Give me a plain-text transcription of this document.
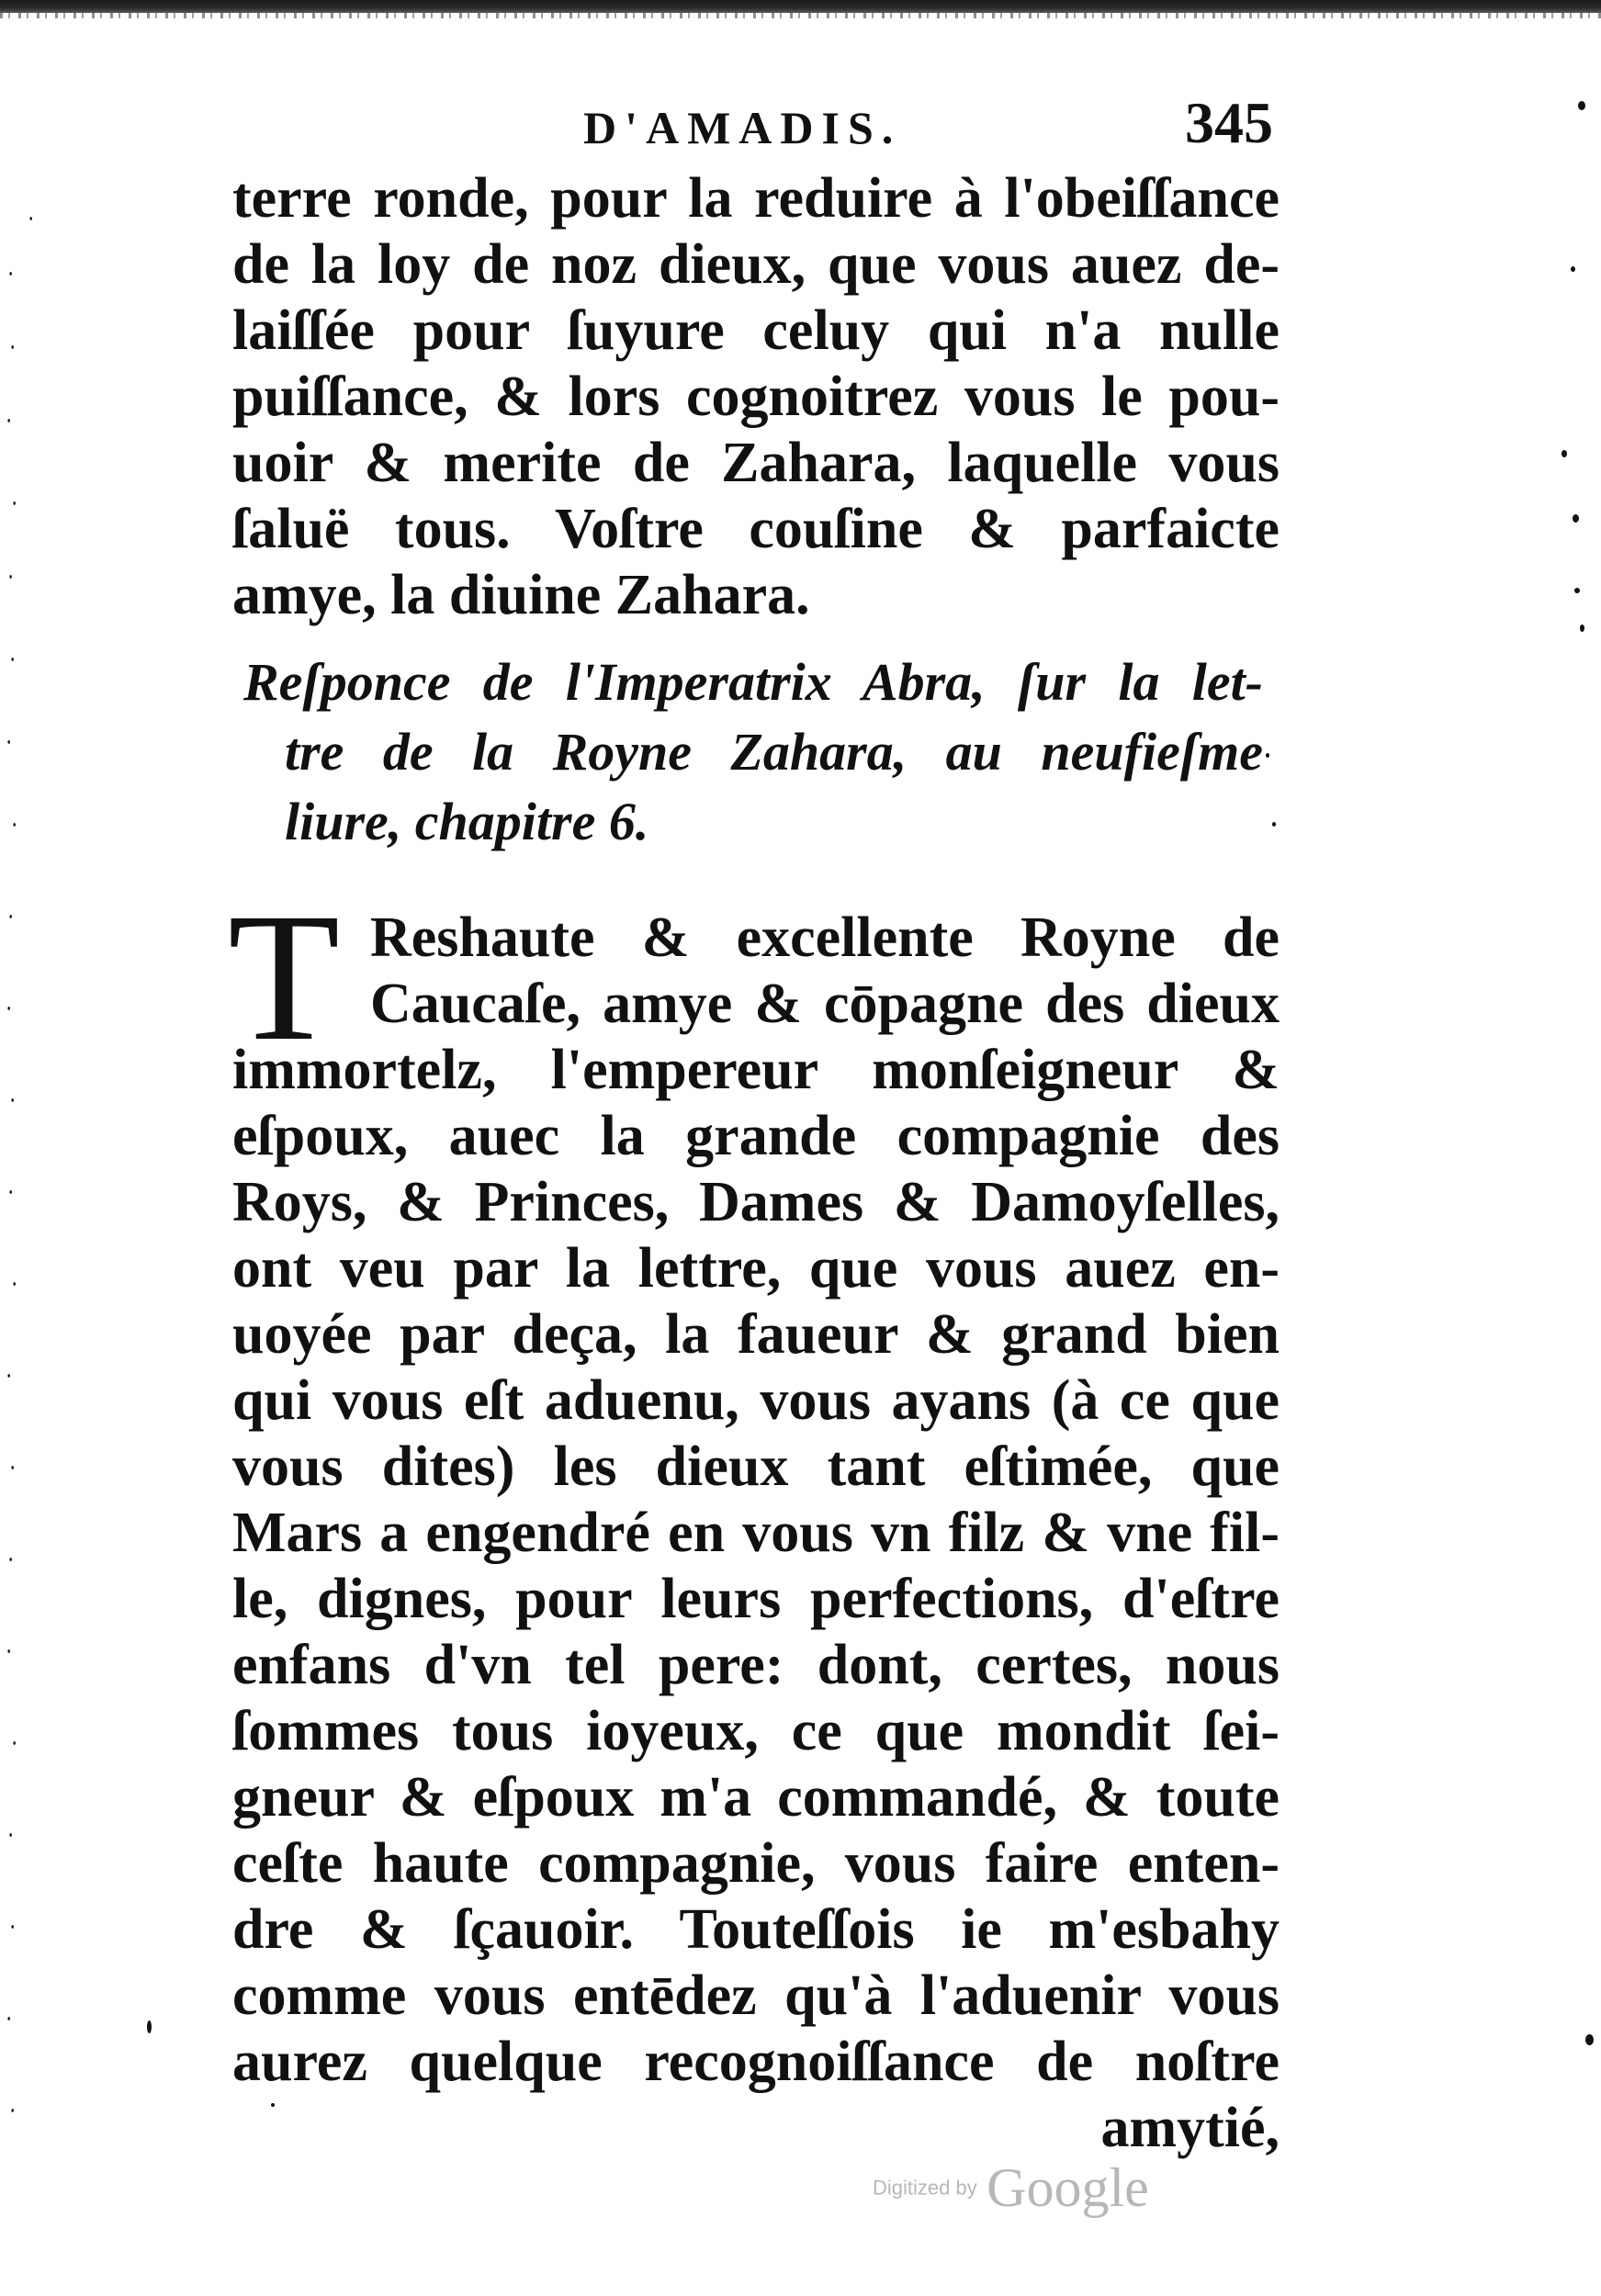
·
·
·
·
·
·
·
·
·
·
·
·
·
·
·
·
·
·
·
·
·
·
·
D'AMADIS.	345
terre ronde, pour la reduire à l'obeiſſance
de la loy de noz dieux, que vous auez de-
laiſſée pour ſuyure celuy qui n'a nulle
puiſſance, & lors cognoitrez vous le pou-
uoir & merite de Zahara, laquelle vous
ſaluë tous. Voſtre couſine & parfaicte
amye, la diuine Zahara.
Reſponce de l'Imperatrix Abra, ſur la let-
tre de la Royne Zahara, au neufieſme
liure, chapitre 6.
T Reshaute & excellente Royne de
Caucaſe, amye & cōpagne des dieux
immortelz, l'empereur monſeigneur &
eſpoux, auec la grande compagnie des
Roys, & Princes, Dames & Damoyſelles,
ont veu par la lettre, que vous auez en-
uoyée par deça, la faueur & grand bien
qui vous eſt aduenu, vous ayans (à ce que
vous dites) les dieux tant eſtimée, que
Mars a engendré en vous vn filz & vne fil-
le, dignes, pour leurs perfections, d'eſtre
enfans d'vn tel pere: dont, certes, nous
ſommes tous ioyeux, ce que mondit ſei-
gneur & eſpoux m'a commandé, & toute
ceſte haute compagnie, vous faire enten-
dre & ſçauoir. Touteſſois ie m'esbahy
comme vous entēdez qu'à l'aduenir vous
aurez quelque recognoiſſance de noſtre
amytié,
Digitized by Google
